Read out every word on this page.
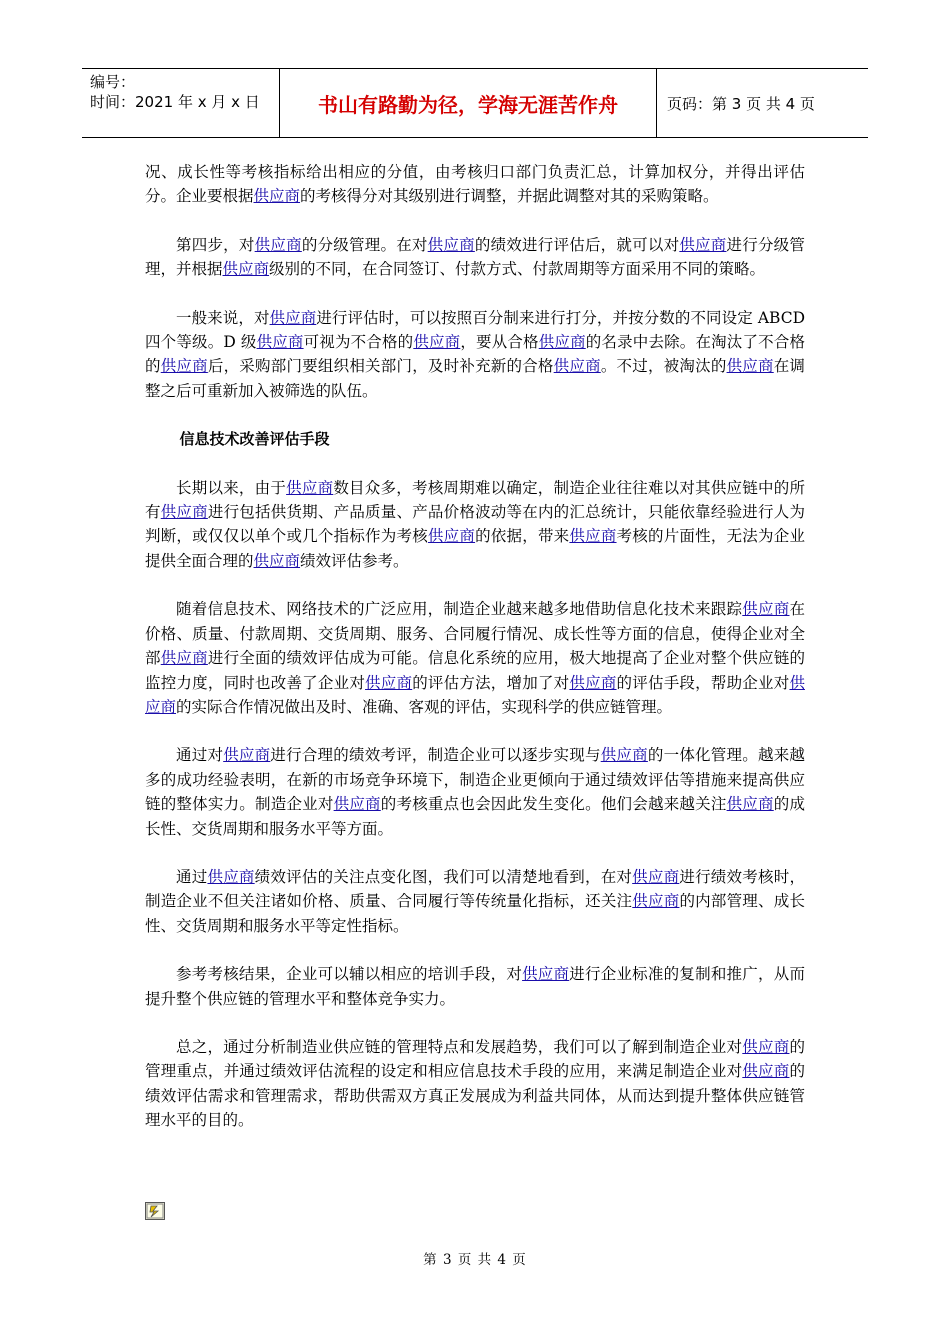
编号：
时间：2021 年 x 月 x 日	书山有路勤为径，学海无涯苦作舟	页码：第 3 页 共 4 页

况、成长性等考核指标给出相应的分值，由考核归口部门负责汇总，计算加权分，并得出评估分。企业要根据供应商的考核得分对其级别进行调整，并据此调整对其的采购策略。

第四步，对供应商的分级管理。在对供应商的绩效进行评估后，就可以对供应商进行分级管理，并根据供应商级别的不同，在合同签订、付款方式、付款周期等方面采用不同的策略。

一般来说，对供应商进行评估时，可以按照百分制来进行打分，并按分数的不同设定 ABCD 四个等级。D 级供应商可视为不合格的供应商，要从合格供应商的名录中去除。在淘汰了不合格的供应商后，采购部门要组织相关部门，及时补充新的合格供应商。不过，被淘汰的供应商在调整之后可重新加入被筛选的队伍。

信息技术改善评估手段

长期以来，由于供应商数目众多，考核周期难以确定，制造企业往往难以对其供应链中的所有供应商进行包括供货期、产品质量、产品价格波动等在内的汇总统计，只能依靠经验进行人为判断，或仅仅以单个或几个指标作为考核供应商的依据，带来供应商考核的片面性，无法为企业提供全面合理的供应商绩效评估参考。

随着信息技术、网络技术的广泛应用，制造企业越来越多地借助信息化技术来跟踪供应商在价格、质量、付款周期、交货周期、服务、合同履行情况、成长性等方面的信息，使得企业对全部供应商进行全面的绩效评估成为可能。信息化系统的应用，极大地提高了企业对整个供应链的监控力度，同时也改善了企业对供应商的评估方法，增加了对供应商的评估手段，帮助企业对供应商的实际合作情况做出及时、准确、客观的评估，实现科学的供应链管理。

通过对供应商进行合理的绩效考评，制造企业可以逐步实现与供应商的一体化管理。越来越多的成功经验表明，在新的市场竞争环境下，制造企业更倾向于通过绩效评估等措施来提高供应链的整体实力。制造企业对供应商的考核重点也会因此发生变化。他们会越来越关注供应商的成长性、交货周期和服务水平等方面。

通过供应商绩效评估的关注点变化图，我们可以清楚地看到，在对供应商进行绩效考核时，制造企业不但关注诸如价格、质量、合同履行等传统量化指标，还关注供应商的内部管理、成长性、交货周期和服务水平等定性指标。

参考考核结果，企业可以辅以相应的培训手段，对供应商进行企业标准的复制和推广，从而提升整个供应链的管理水平和整体竞争实力。

总之，通过分析制造业供应链的管理特点和发展趋势，我们可以了解到制造企业对供应商的管理重点，并通过绩效评估流程的设定和相应信息技术手段的应用，来满足制造企业对供应商的绩效评估需求和管理需求，帮助供需双方真正发展成为利益共同体，从而达到提升整体供应链管理水平的目的。

第 3 页 共 4 页
